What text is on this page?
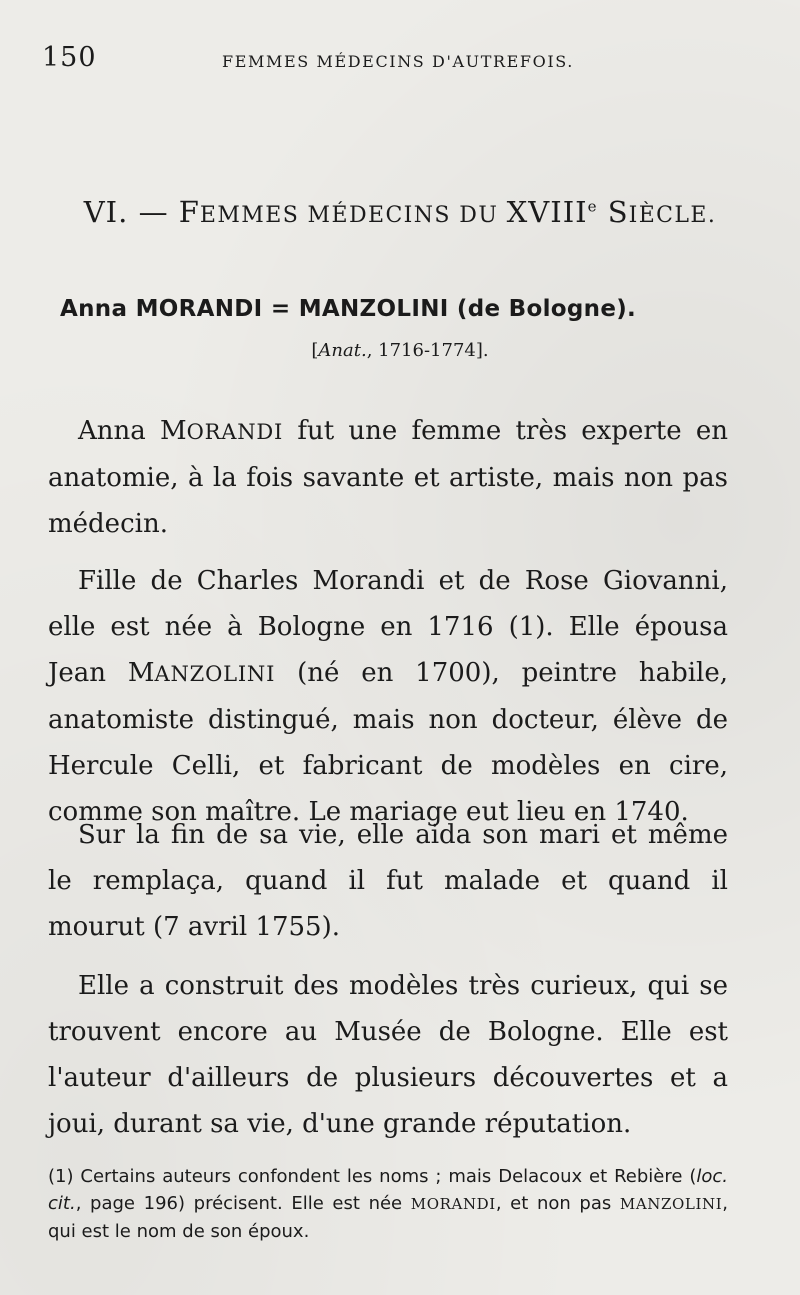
150	FEMMES MÉDECINS D'AUTREFOIS.
VI. — FEMMES MÉDECINS DU XVIIIe SIÈCLE.
Anna MORANDI = MANZOLINI (de Bologne).
[Anat., 1716-1774].

Anna MORANDI fut une femme très experte en anatomie, à la fois savante et artiste, mais non pas médecin.

Fille de Charles Morandi et de Rose Giovanni, elle est née à Bologne en 1716 (1). Elle épousa Jean MANZOLINI (né en 1700), peintre habile, anatomiste distingué, mais non docteur, élève de Hercule Celli, et fabricant de modèles en cire, comme son maître. Le mariage eut lieu en 1740.

Sur la fin de sa vie, elle aida son mari et même le remplaça, quand il fut malade et quand il mourut (7 avril 1755).

Elle a construit des modèles très curieux, qui se trouvent encore au Musée de Bologne. Elle est l'auteur d'ailleurs de plusieurs découvertes et a joui, durant sa vie, d'une grande réputation.

(1) Certains auteurs confondent les noms ; mais Delacoux et Rebière (loc. cit., page 196) précisent. Elle est née MORANDI, et non pas MANZOLINI, qui est le nom de son époux.
